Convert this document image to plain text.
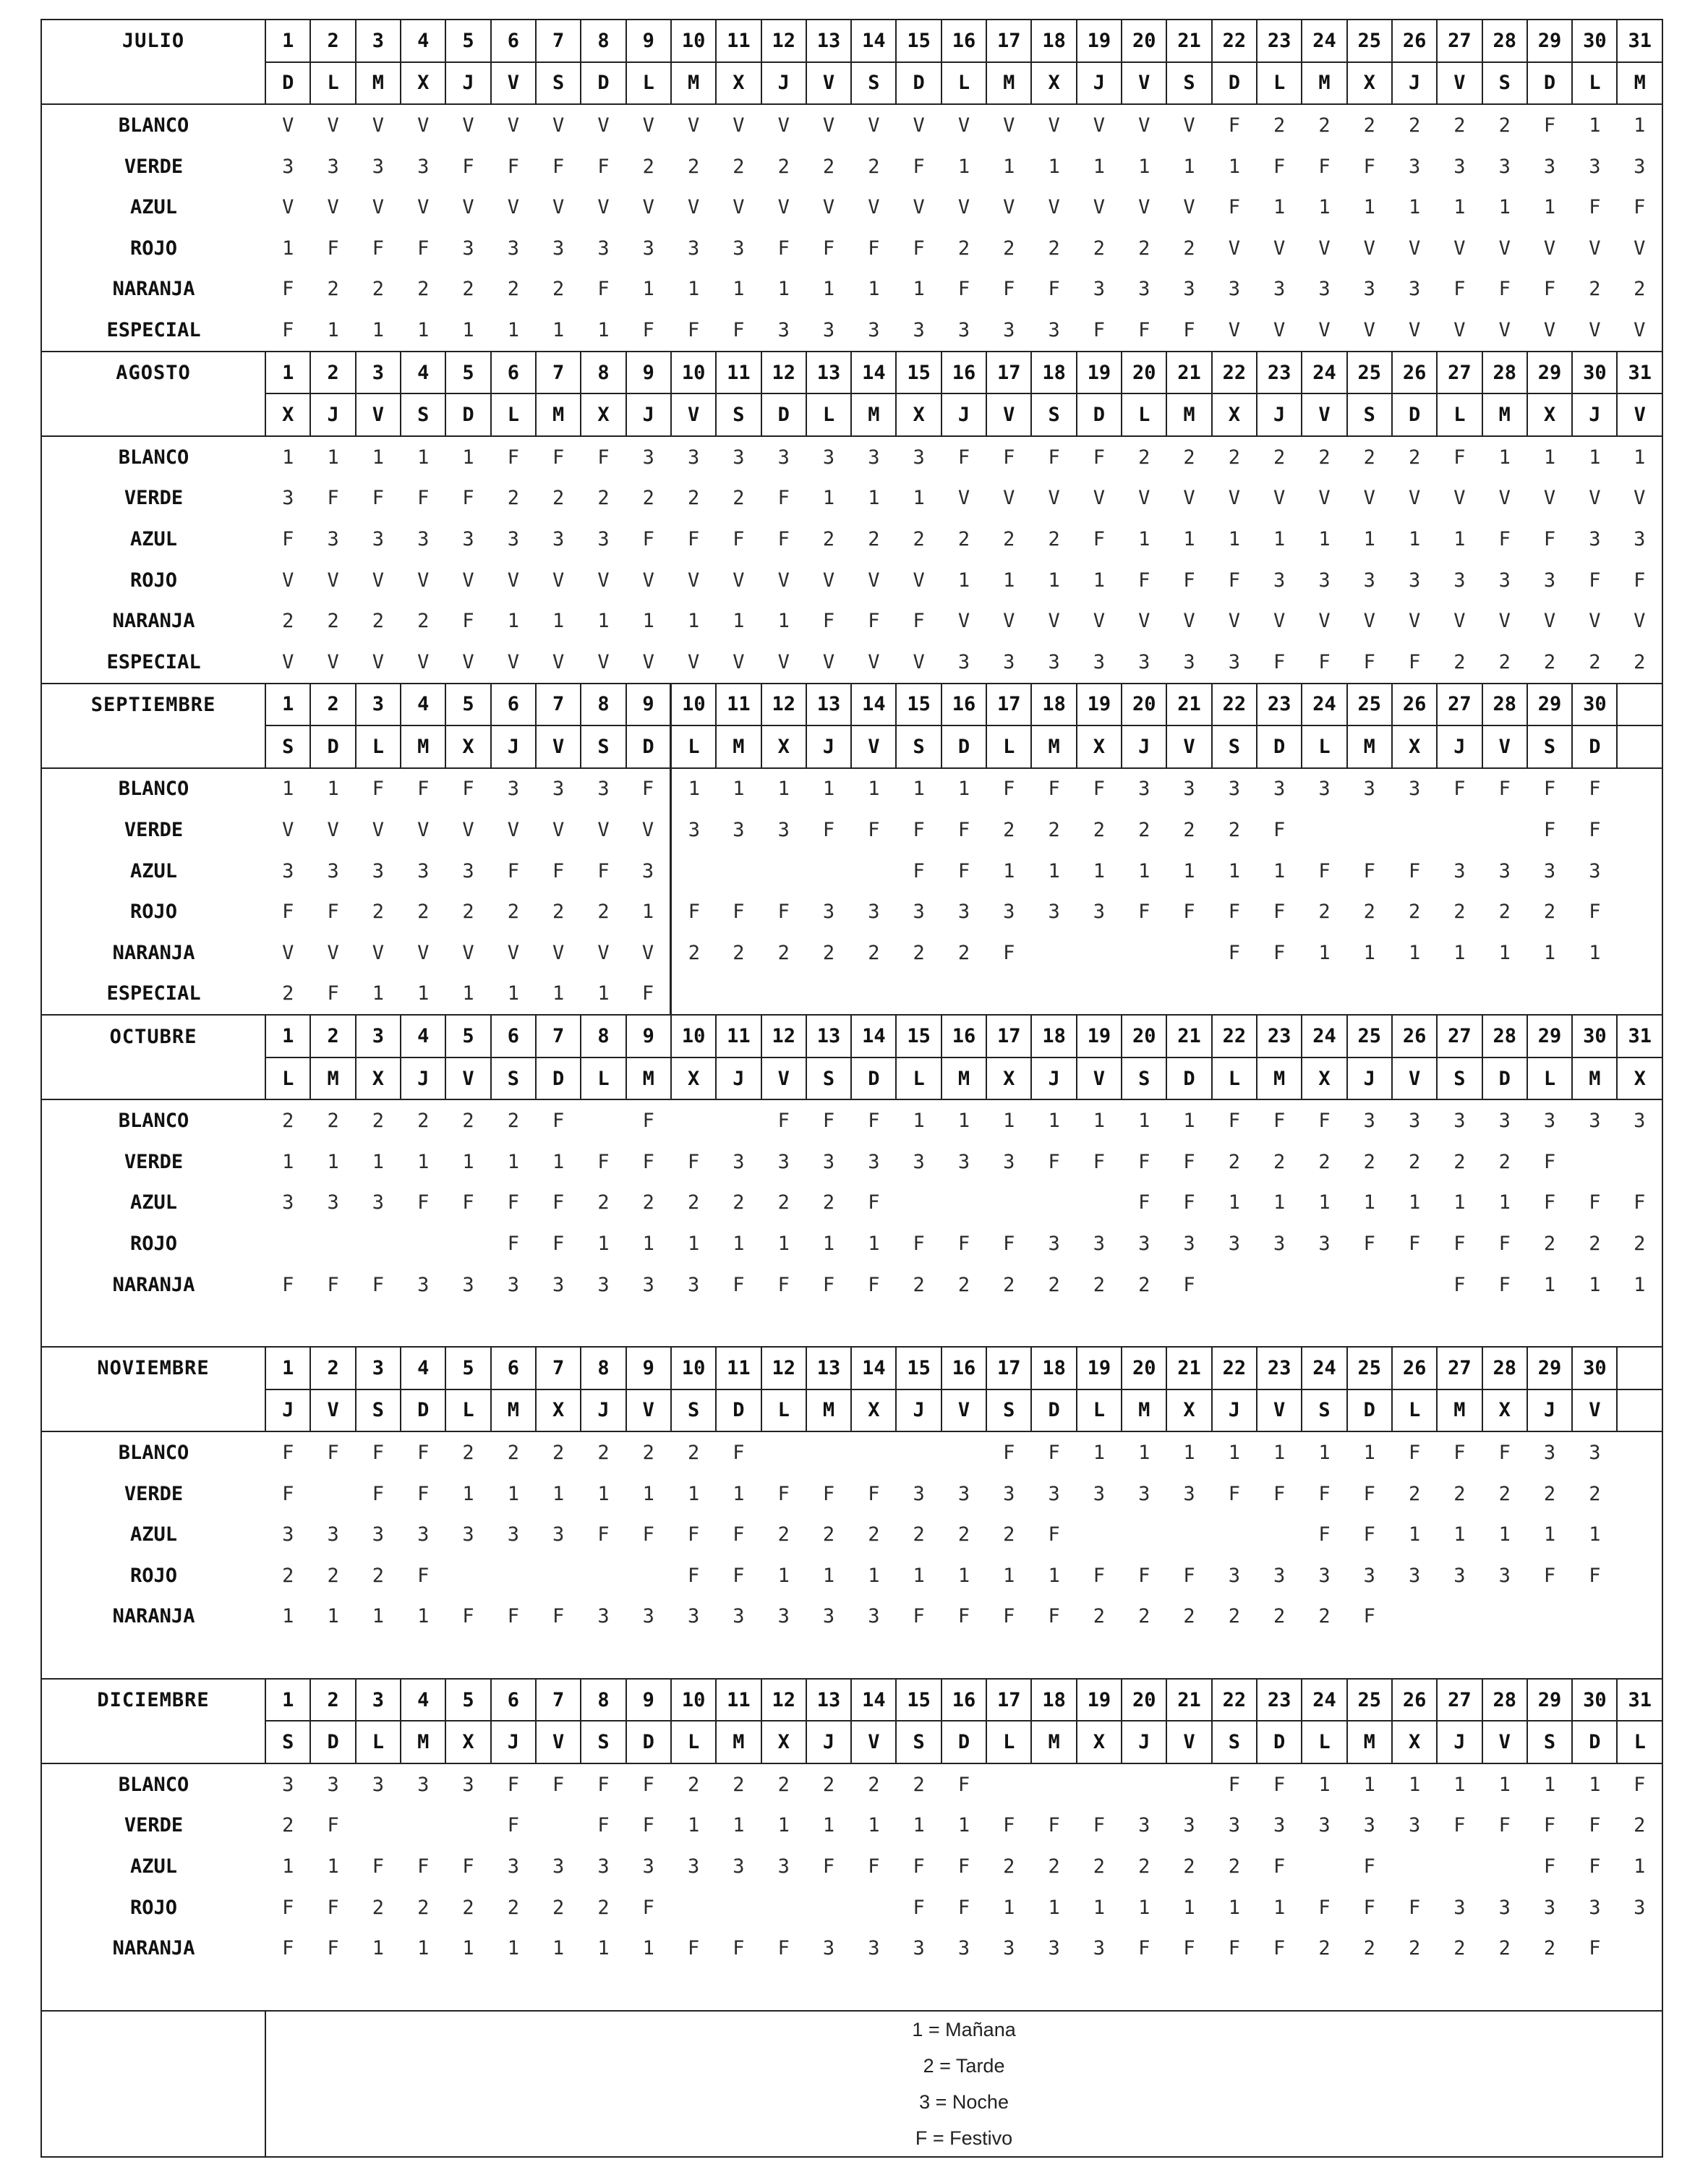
JULIO	1	2	3	4	5	6	7	8	9	10	11	12	13	14	15	16	17	18	19	20	21	22	23	24	25	26	27	28	29	30	31
	D	L	M	X	J	V	S	D	L	M	X	J	V	S	D	L	M	X	J	V	S	D	L	M	X	J	V	S	D	L	M
BLANCO	V	V	V	V	V	V	V	V	V	V	V	V	V	V	V	V	V	V	V	V	V	F	2	2	2	2	2	2	F	1	1
VERDE	3	3	3	3	F	F	F	F	2	2	2	2	2	2	F	1	1	1	1	1	1	1	F	F	F	3	3	3	3	3	3
AZUL	V	V	V	V	V	V	V	V	V	V	V	V	V	V	V	V	V	V	V	V	V	F	1	1	1	1	1	1	1	F	F
ROJO	1	F	F	F	3	3	3	3	3	3	3	F	F	F	F	2	2	2	2	2	2	V	V	V	V	V	V	V	V	V	V
NARANJA	F	2	2	2	2	2	2	F	1	1	1	1	1	1	1	F	F	F	3	3	3	3	3	3	3	3	F	F	F	2	2
ESPECIAL	F	1	1	1	1	1	1	1	F	F	F	3	3	3	3	3	3	3	F	F	F	V	V	V	V	V	V	V	V	V	V
AGOSTO	1	2	3	4	5	6	7	8	9	10	11	12	13	14	15	16	17	18	19	20	21	22	23	24	25	26	27	28	29	30	31
	X	J	V	S	D	L	M	X	J	V	S	D	L	M	X	J	V	S	D	L	M	X	J	V	S	D	L	M	X	J	V
BLANCO	1	1	1	1	1	F	F	F	3	3	3	3	3	3	3	F	F	F	F	2	2	2	2	2	2	2	F	1	1	1	1
VERDE	3	F	F	F	F	2	2	2	2	2	2	F	1	1	1	V	V	V	V	V	V	V	V	V	V	V	V	V	V	V	V
AZUL	F	3	3	3	3	3	3	3	F	F	F	F	2	2	2	2	2	2	F	1	1	1	1	1	1	1	1	F	F	3	3
ROJO	V	V	V	V	V	V	V	V	V	V	V	V	V	V	V	1	1	1	1	F	F	F	3	3	3	3	3	3	3	F	F
NARANJA	2	2	2	2	F	1	1	1	1	1	1	1	F	F	F	V	V	V	V	V	V	V	V	V	V	V	V	V	V	V	V
ESPECIAL	V	V	V	V	V	V	V	V	V	V	V	V	V	V	V	3	3	3	3	3	3	3	F	F	F	F	2	2	2	2	2
SEPTIEMBRE	1	2	3	4	5	6	7	8	9	10	11	12	13	14	15	16	17	18	19	20	21	22	23	24	25	26	27	28	29	30	
	S	D	L	M	X	J	V	S	D	L	M	X	J	V	S	D	L	M	X	J	V	S	D	L	M	X	J	V	S	D	
BLANCO	1	1	F	F	F	3	3	3	F	1	1	1	1	1	1	1	F	F	F	3	3	3	3	3	3	3	F	F	F	F	
VERDE	V	V	V	V	V	V	V	V	V	3	3	3	F	F	F	F	2	2	2	2	2	2	F						F	F	
AZUL	3	3	3	3	3	F	F	F	3						F	F	1	1	1	1	1	1	1	F	F	F	3	3	3	3	
ROJO	F	F	2	2	2	2	2	2	1	F	F	F	3	3	3	3	3	3	3	F	F	F	F	2	2	2	2	2	2	F	
NARANJA	V	V	V	V	V	V	V	V	V	2	2	2	2	2	2	2	F					F	F	1	1	1	1	1	1	1	
ESPECIAL	2	F	1	1	1	1	1	1	F																						
OCTUBRE	1	2	3	4	5	6	7	8	9	10	11	12	13	14	15	16	17	18	19	20	21	22	23	24	25	26	27	28	29	30	31
	L	M	X	J	V	S	D	L	M	X	J	V	S	D	L	M	X	J	V	S	D	L	M	X	J	V	S	D	L	M	X
BLANCO	2	2	2	2	2	2	F		F			F	F	F	1	1	1	1	1	1	1	F	F	F	3	3	3	3	3	3	3
VERDE	1	1	1	1	1	1	1	F	F	F	3	3	3	3	3	3	3	F	F	F	F	2	2	2	2	2	2	2	F		
AZUL	3	3	3	F	F	F	F	2	2	2	2	2	2	F						F	F	1	1	1	1	1	1	1	F	F	F
ROJO						F	F	1	1	1	1	1	1	1	F	F	F	3	3	3	3	3	3	3	F	F	F	F	2	2	2
NARANJA	F	F	F	3	3	3	3	3	3	3	F	F	F	F	2	2	2	2	2	2	F						F	F	1	1	1

NOVIEMBRE	1	2	3	4	5	6	7	8	9	10	11	12	13	14	15	16	17	18	19	20	21	22	23	24	25	26	27	28	29	30	
	J	V	S	D	L	M	X	J	V	S	D	L	M	X	J	V	S	D	L	M	X	J	V	S	D	L	M	X	J	V	
BLANCO	F	F	F	F	2	2	2	2	2	2	F						F	F	1	1	1	1	1	1	1	F	F	F	3	3	
VERDE	F		F	F	1	1	1	1	1	1	1	F	F	F	3	3	3	3	3	3	3	F	F	F	F	2	2	2	2	2	
AZUL	3	3	3	3	3	3	3	F	F	F	F	2	2	2	2	2	2	F						F	F	1	1	1	1	1	
ROJO	2	2	2	F						F	F	1	1	1	1	1	1	1	F	F	F	3	3	3	3	3	3	3	F	F	
NARANJA	1	1	1	1	F	F	F	3	3	3	3	3	3	3	F	F	F	F	2	2	2	2	2	2	F						

DICIEMBRE	1	2	3	4	5	6	7	8	9	10	11	12	13	14	15	16	17	18	19	20	21	22	23	24	25	26	27	28	29	30	31
	S	D	L	M	X	J	V	S	D	L	M	X	J	V	S	D	L	M	X	J	V	S	D	L	M	X	J	V	S	D	L
BLANCO	3	3	3	3	3	F	F	F	F	2	2	2	2	2	2	F						F	F	1	1	1	1	1	1	1	F
VERDE	2	F				F		F	F	1	1	1	1	1	1	1	F	F	F	3	3	3	3	3	3	3	F	F	F	F	2
AZUL	1	1	F	F	F	3	3	3	3	3	3	3	F	F	F	F	2	2	2	2	2	2	F		F				F	F	1
ROJO	F	F	2	2	2	2	2	2	F						F	F	1	1	1	1	1	1	1	F	F	F	3	3	3	3	3
NARANJA	F	F	1	1	1	1	1	1	1	F	F	F	3	3	3	3	3	3	3	F	F	F	F	2	2	2	2	2	2	F	

	1 = Mañana
2 = Tarde
3 = Noche
F = Festivo																														
